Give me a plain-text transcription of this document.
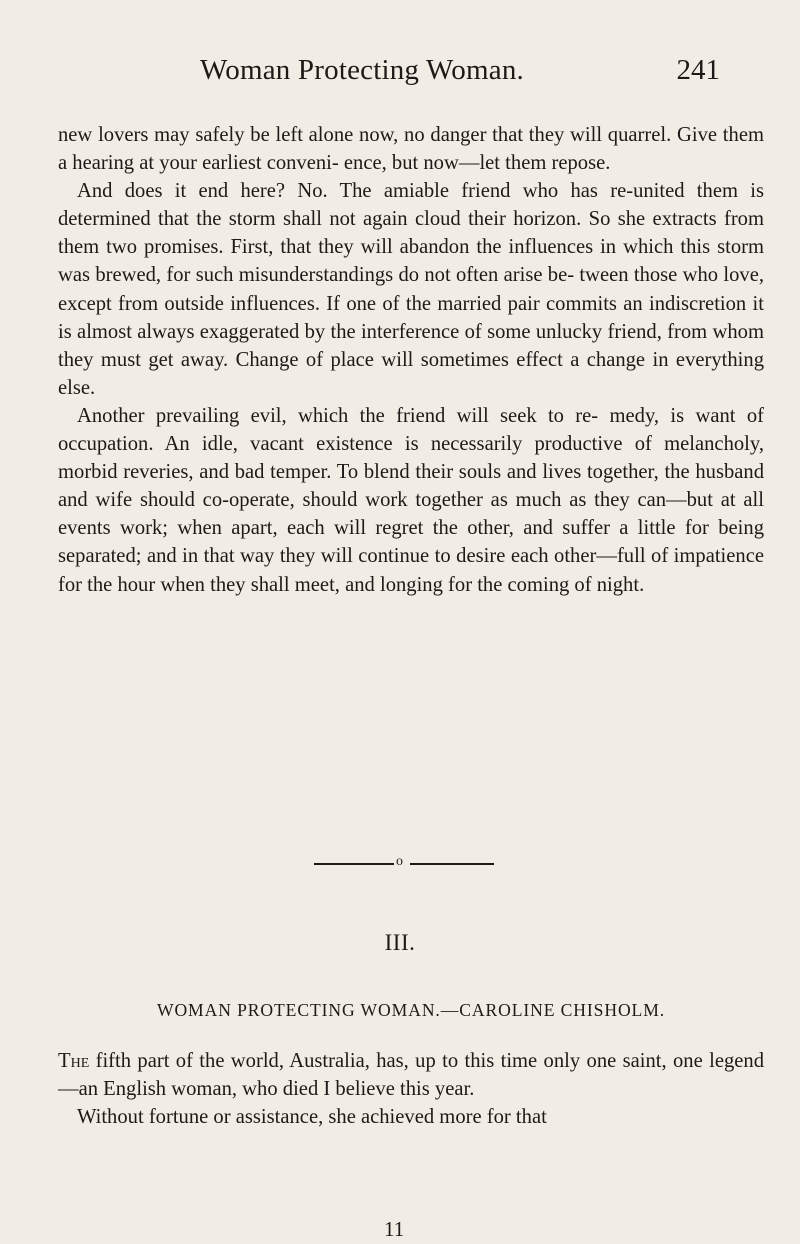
Woman Protecting Woman.	241

new lovers may safely be left alone now, no danger that they will quarrel. Give them a hearing at your earliest conveni- ence, but now—let them repose.

And does it end here? No. The amiable friend who has re-united them is determined that the storm shall not again cloud their horizon. So she extracts from them two promises. First, that they will abandon the influences in which this storm was brewed, for such misunderstandings do not often arise be- tween those who love, except from outside influences. If one of the married pair commits an indiscretion it is almost always exaggerated by the interference of some unlucky friend, from whom they must get away. Change of place will sometimes effect a change in everything else.

Another prevailing evil, which the friend will seek to re- medy, is want of occupation. An idle, vacant existence is necessarily productive of melancholy, morbid reveries, and bad temper. To blend their souls and lives together, the husband and wife should co-operate, should work together as much as they can—but at all events work; when apart, each will regret the other, and suffer a little for being separated; and in that way they will continue to desire each other—full of impatience for the hour when they shall meet, and longing for the coming of night.

o
III.
WOMAN PROTECTING WOMAN.—CAROLINE CHISHOLM.

The fifth part of the world, Australia, has, up to this time only one saint, one legend—an English woman, who died I believe this year.

Without fortune or assistance, she achieved more for that

11
